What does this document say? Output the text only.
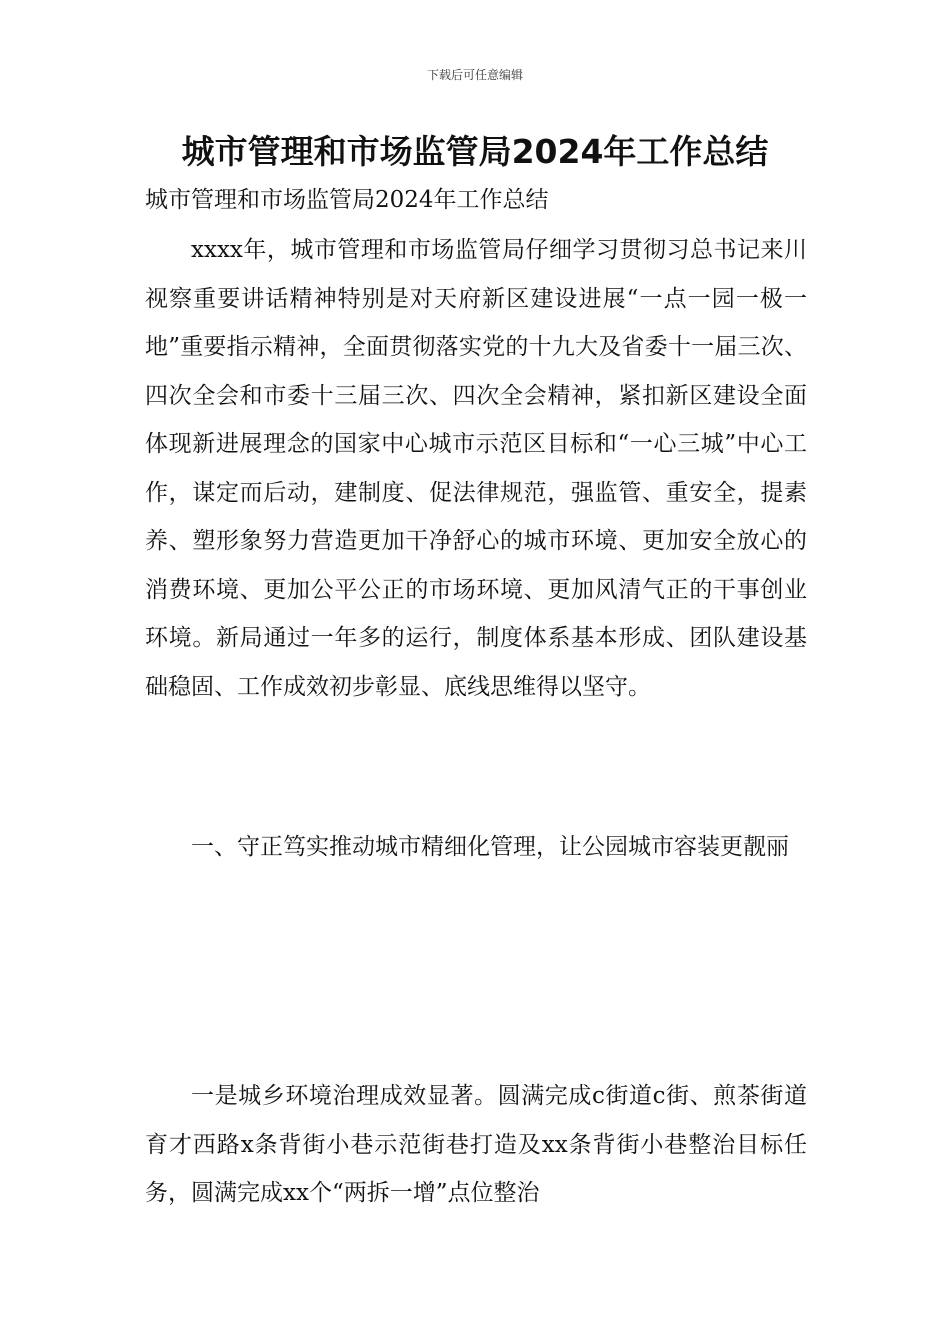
下载后可任意编辑
城市管理和市场监管局2024年工作总结

城市管理和市场监管局2024年工作总结

xxxx年，城市管理和市场监管局仔细学习贯彻习总书记来川视察重要讲话精神特别是对天府新区建设进展“一点一园一极一地”重要指示精神，全面贯彻落实党的十九大及省委十一届三次、四次全会和市委十三届三次、四次全会精神，紧扣新区建设全面体现新进展理念的国家中心城市示范区目标和“一心三城”中心工作，谋定而后动，建制度、促法律规范，强监管、重安全，提素养、塑形象努力营造更加干净舒心的城市环境、更加安全放心的消费环境、更加公平公正的市场环境、更加风清气正的干事创业环境。新局通过一年多的运行，制度体系基本形成、团队建设基础稳固、工作成效初步彰显、底线思维得以坚守。

一、守正笃实推动城市精细化管理，让公园城市容装更靓丽

一是城乡环境治理成效显著。圆满完成c街道c街、煎茶街道育才西路x条背街小巷示范街巷打造及xx条背街小巷整治目标任务，圆满完成xx个“两拆一增”点位整治
